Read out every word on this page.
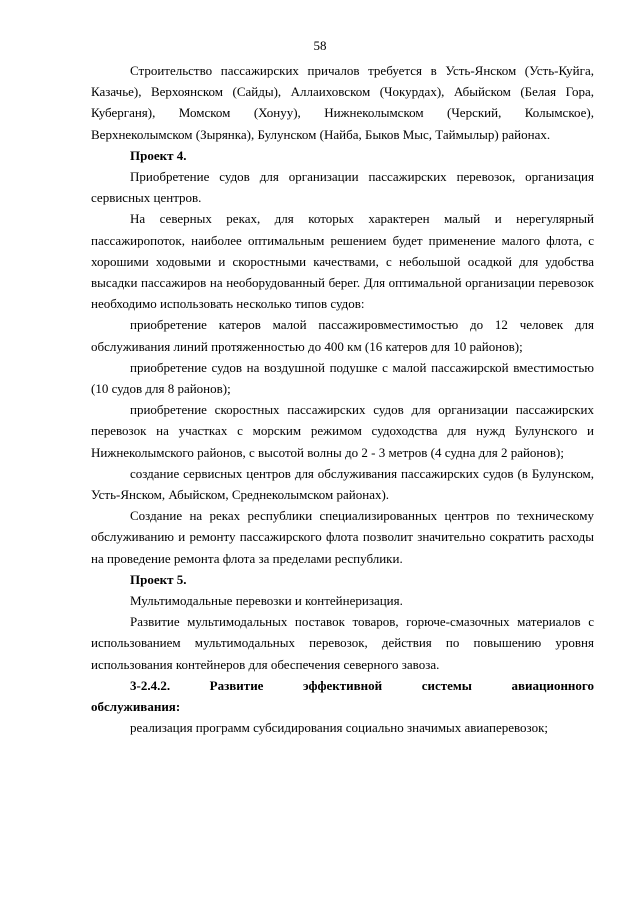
58

Строительство пассажирских причалов требуется в Усть-Янском (Усть-Куйга, Казачье), Верхоянском (Сайды), Аллаиховском (Чокурдах), Абыйском (Белая Гора, Куберганя), Момском (Хонуу), Нижнеколымском (Черский, Колымское), Верхнеколымском (Зырянка), Булунском (Найба, Быков Мыс, Таймылыр) районах.

Проект 4.

Приобретение судов для организации пассажирских перевозок, организация сервисных центров.

На северных реках, для которых характерен малый и нерегулярный пассажиропоток, наиболее оптимальным решением будет применение малого флота, с хорошими ходовыми и скоростными качествами, с небольшой осадкой для удобства высадки пассажиров на необорудованный берег. Для оптимальной организации перевозок необходимо использовать несколько типов судов:

приобретение катеров малой пассажировместимостью до 12 человек для обслуживания линий протяженностью до 400 км (16 катеров для 10 районов);

приобретение судов на воздушной подушке с малой пассажирской вместимостью (10 судов для 8 районов);

приобретение скоростных пассажирских судов для организации пассажирских перевозок на участках с морским режимом судоходства для нужд Булунского и Нижнеколымского районов, с высотой волны до 2 - 3 метров (4 судна для 2 районов);

создание сервисных центров для обслуживания пассажирских судов (в Булунском, Усть-Янском, Абыйском, Среднеколымском районах).

Создание на реках республики специализированных центров по техническому обслуживанию и ремонту пассажирского флота позволит значительно сократить расходы на проведение ремонта флота за пределами республики.

Проект 5.

Мультимодальные перевозки и контейнеризация.

Развитие мультимодальных поставок товаров, горюче-смазочных материалов с использованием мультимодальных перевозок, действия по повышению уровня использования контейнеров для обеспечения северного завоза.

3-2.4.2. Развитие эффективной системы авиационного

обслуживания:

реализация программ субсидирования социально значимых авиаперевозок;
